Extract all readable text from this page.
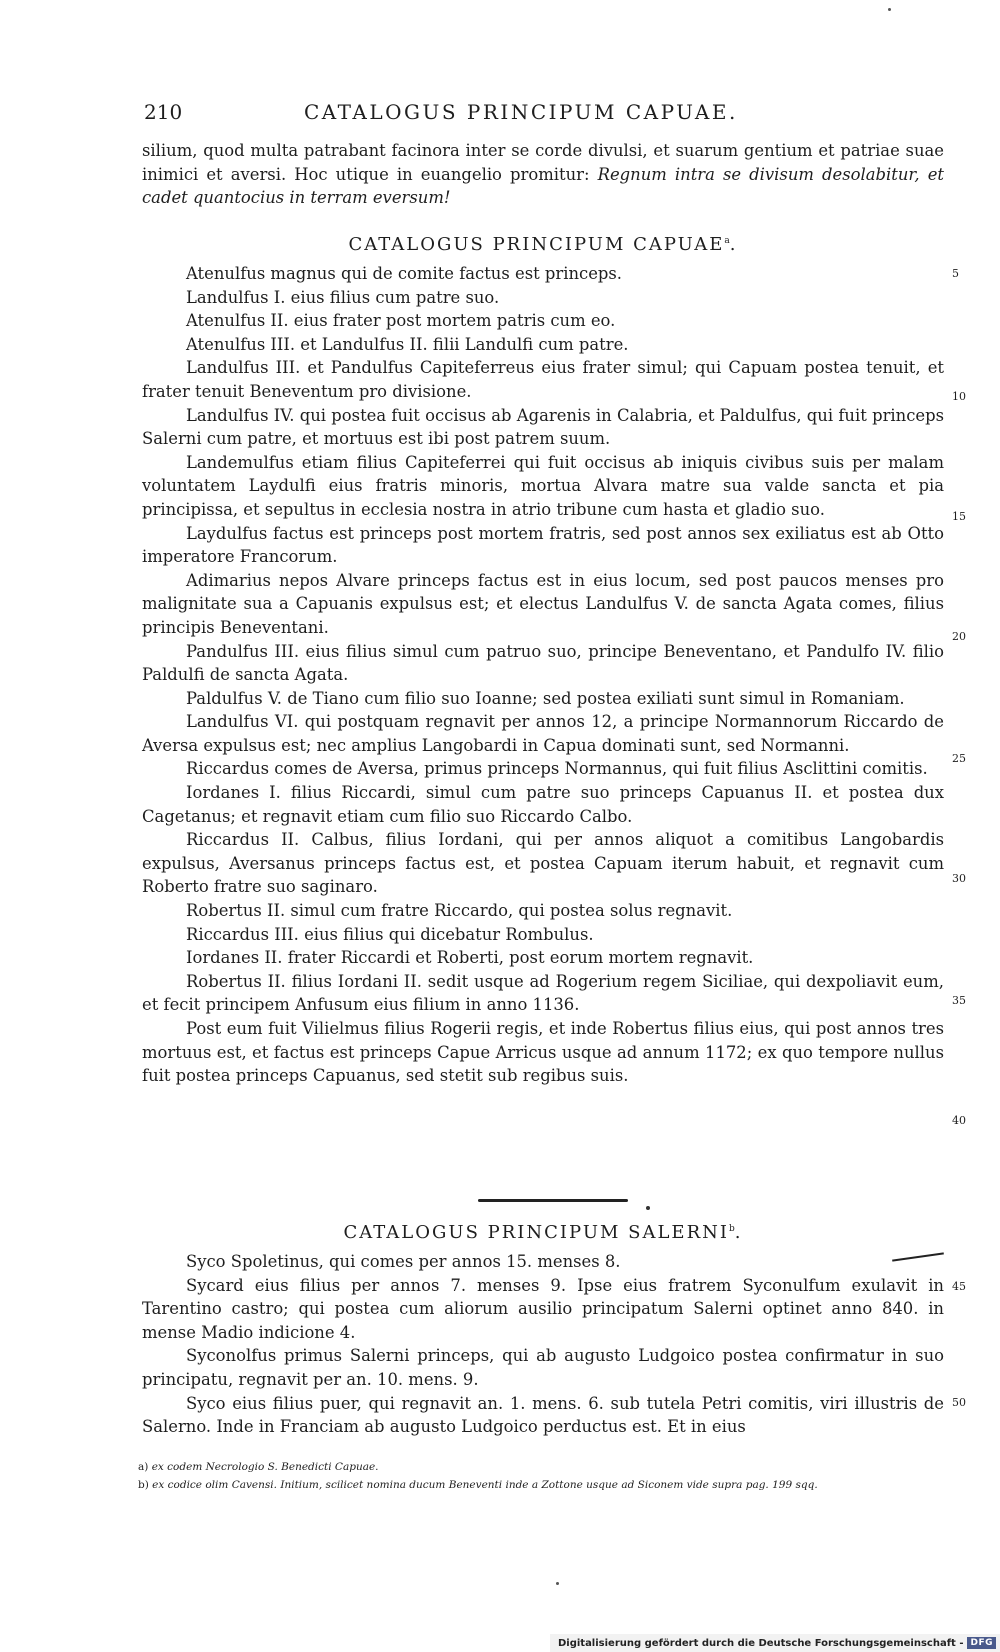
210	CATALOGUS PRINCIPUM CAPUAE.

silium, quod multa patrabant facinora inter se corde divulsi, et suarum gentium et patriae suae inimici et aversi. Hoc utique in euangelio promitur: Regnum intra se divisum desolabitur, et cadet quantocius in terram eversum!

CATALOGUS PRINCIPUM CAPUAE$^a$.

Atenulfus magnus qui de comite factus est princeps.

Landulfus I. eius filius cum patre suo.

Atenulfus II. eius frater post mortem patris cum eo.

Atenulfus III. et Landulfus II. filii Landulfi cum patre.

Landulfus III. et Pandulfus Capiteferreus eius frater simul; qui Capuam postea tenuit, et frater tenuit Beneventum pro divisione.

Landulfus IV. qui postea fuit occisus ab Agarenis in Calabria, et Paldulfus, qui fuit princeps Salerni cum patre, et mortuus est ibi post patrem suum.

Landemulfus etiam filius Capiteferrei qui fuit occisus ab iniquis civibus suis per malam voluntatem Laydulfi eius fratris minoris, mortua Alvara matre sua valde sancta et pia principissa, et sepultus in ecclesia nostra in atrio tribune cum hasta et gladio suo.

Laydulfus factus est princeps post mortem fratris, sed post annos sex exiliatus est ab Otto imperatore Francorum.

Adimarius nepos Alvare princeps factus est in eius locum, sed post paucos menses pro malignitate sua a Capuanis expulsus est; et electus Landulfus V. de sancta Agata comes, filius principis Beneventani.

Pandulfus III. eius filius simul cum patruo suo, principe Beneventano, et Pandulfo IV. filio Paldulfi de sancta Agata.

Paldulfus V. de Tiano cum filio suo Ioanne; sed postea exiliati sunt simul in Romaniam.

Landulfus VI. qui postquam regnavit per annos 12, a principe Normannorum Riccardo de Aversa expulsus est; nec amplius Langobardi in Capua dominati sunt, sed Normanni.

Riccardus comes de Aversa, primus princeps Normannus, qui fuit filius Asclittini comitis.

Iordanes I. filius Riccardi, simul cum patre suo princeps Capuanus II. et postea dux Cagetanus; et regnavit etiam cum filio suo Riccardo Calbo.

Riccardus II. Calbus, filius Iordani, qui per annos aliquot a comitibus Langobardis expulsus, Aversanus princeps factus est, et postea Capuam iterum habuit, et regnavit cum Roberto fratre suo saginaro.

Robertus II. simul cum fratre Riccardo, qui postea solus regnavit.

Riccardus III. eius filius qui dicebatur Rombulus.

Iordanes II. frater Riccardi et Roberti, post eorum mortem regnavit.

Robertus II. filius Iordani II. sedit usque ad Rogerium regem Siciliae, qui dexpoliavit eum, et fecit principem Anfusum eius filium in anno 1136.

Post eum fuit Vilielmus filius Rogerii regis, et inde Robertus filius eius, qui post annos tres mortuus est, et factus est princeps Capue Arricus usque ad annum 1172; ex quo tempore nullus fuit postea princeps Capuanus, sed stetit sub regibus suis.

CATALOGUS PRINCIPUM SALERNI$^b$.

Syco Spoletinus, qui comes per annos 15. menses 8.

Sycard eius filius per annos 7. menses 9. Ipse eius fratrem Syconulfum exulavit in Tarentino castro; qui postea cum aliorum ausilio principatum Salerni optinet anno 840. in mense Madio indicione 4.

Syconolfus primus Salerni princeps, qui ab augusto Ludgoico postea confirmatur in suo principatu, regnavit per an. 10. mens. 9.

Syco eius filius puer, qui regnavit an. 1. mens. 6. sub tutela Petri comitis, viri illustris de Salerno. Inde in Franciam ab augusto Ludgoico perductus est. Et in eius

5
10
15
20
25
30
35
40
45
50

a) ex codem Necrologio S. Benedicti Capuae.

b) ex codice olim Cavensi. Initium, scilicet nomina ducum Beneventi inde a Zottone usque ad Siconem vide supra pag. 199 sqq.

Digitalisierung gefördert durch die Deutsche Forschungsgemeinschaft - DFG
